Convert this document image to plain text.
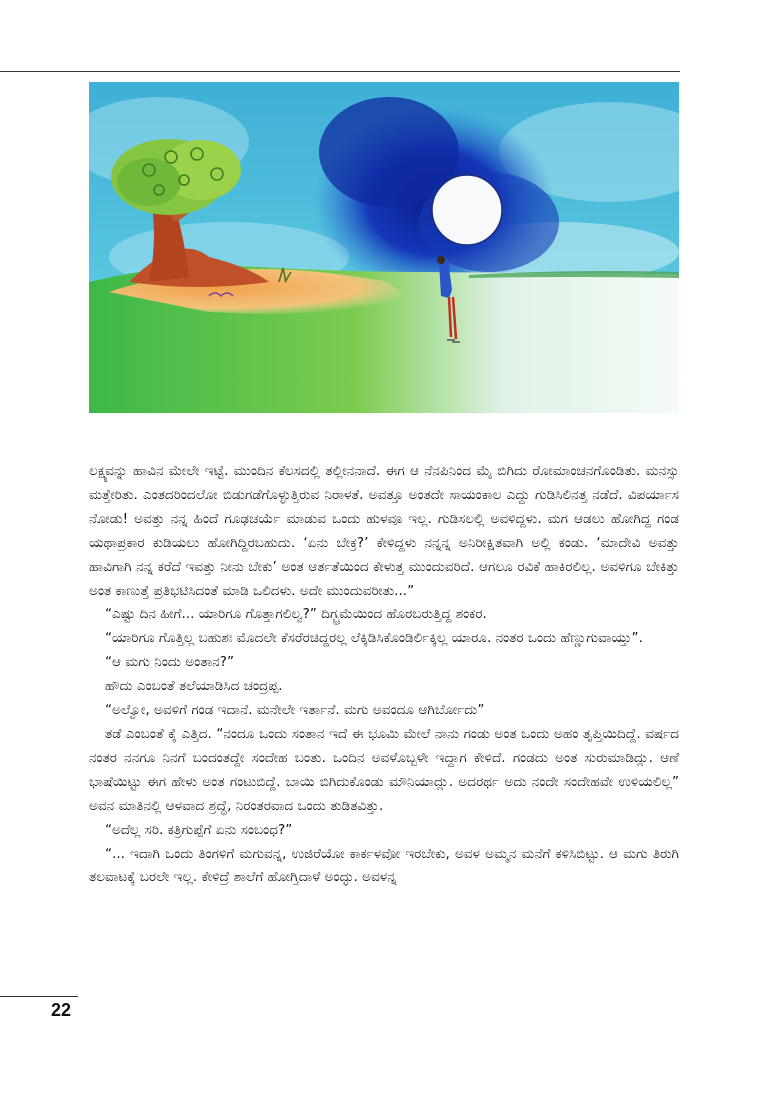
ಲಕ್ಷ್ಯವನ್ನು ಹಾವಿನ ಮೇಲೇ ಇಟ್ಟೆ. ಮುಂದಿನ ಕೆಲಸದಲ್ಲಿ ತಲ್ಲೀನನಾದೆ. ಈಗ ಆ ನೆನಪಿನಿಂದ ಮೈ ಬಿಗಿದು ರೋಮಾಂಚನಗೊಂಡಿತು. ಮನಸ್ಸು ಮತ್ತೇರಿತು. ಎಂತದರಿಂದಲೋ ಬಿಡುಗಡೆಗೊಳ್ಳುತ್ತಿರುವ ನಿರಾಳತೆ. ಅವತ್ತೂ ಅಂತದೇ ಸಾಯಂಕಾಲ ಎದ್ದು ಗುಡಿಸಿಲಿನತ್ತ ನಡೆದೆ. ವಿಪರ್ಯಾಸ ನೋಡು! ಅವತ್ತು ನನ್ನ ಹಿಂದೆ ಗೂಢಚರ್ಯೆ ಮಾಡುವ ಒಂದು ಹುಳವೂ ಇಲ್ಲ. ಗುಡಿಸಲಲ್ಲಿ ಅವಳಿದ್ದಳು. ಮಗ ಆಡಲು ಹೋಗಿದ್ದ ಗಂಡ ಯಥಾಪ್ರಕಾರ ಕುಡಿಯಲು ಹೋಗಿದ್ದಿರಬಹುದು. ‘ಏನು ಬೇಕ್ರ?’ ಕೇಳಿದ್ದಳು ನನ್ನನ್ನ ಅನಿರೀಕ್ಷಿತವಾಗಿ ಅಲ್ಲಿ ಕಂಡು. ‘ಮಾದೇವಿ ಅವತ್ತು ಹಾವಿಗಾಗಿ ನನ್ನ ಕರೆದೆ ಇವತ್ತು ನೀನು ಬೇಕು’ ಅಂತ ಆರ್ತತೆಯಿಂದ ಕೇಳುತ್ತ ಮುಂದುವರಿದೆ. ಆಗಲೂ ರವಿಕೆ ಹಾಕಿರಲಿಲ್ಲ. ಅವಳಿಗೂ ಬೇಕಿತ್ತು ಅಂತ ಕಾಣುತ್ತೆ ಪ್ರತಿಭಟಿಸಿದಂತೆ ಮಾಡಿ ಒಲಿದಳು. ಅದೇ ಮುಂದುವರೀತು...”

“ಎಷ್ಟು ದಿನ ಹೀಗೆ... ಯಾರಿಗೂ ಗೊತ್ತಾಗಲಿಲ್ವ?” ದಿಗ್ಭ್ರಮೆಯಿಂದ ಹೊರಬರುತ್ತಿದ್ದ ಶಂಕರ.

“ಯಾರಿಗೂ ಗೊತ್ತಿಲ್ಲ ಬಹುಶಃ ಮೊದಲೇ ಕೆಸರೆರಚಿದ್ದರಲ್ಲ ಲೆಕ್ಕಿಡಿಸಿಕೊಂಡಿರ್ಲಿಕ್ಕಿಲ್ಲ ಯಾರೂ. ನಂತರ ಒಂದು ಹೆಣ್ಣುಗುವಾಯ್ತು”.

“ಆ ಮಗು ನಿಂದು ಅಂತಾನ?”

ಹೌದು ಎಂಬಂತೆ ತಲೆಯಾಡಿಸಿದ ಚಂದ್ರಪ್ಪ.

“ಅಲ್ವೋ, ಅವಳಿಗೆ ಗಂಡ ಇದಾನೆ. ಮನೇಲೇ ಇರ್ತಾನೆ. ಮಗು ಅವಂದೂ ಆಗಿರ್ಬೋದು”

ತಡೆ ಎಂಬಂತೆ ಕೈ ಎತ್ತಿದ. “ನಂದೂ ಒಂದು ಸಂತಾನ ಇದೆ ಈ ಭೂಮಿ ಮೇಲೆ ನಾನು ಗಂಡು ಅಂತ ಒಂದು ಅಹಂ ತೃಪ್ತಿಯಿದಿದ್ದೆ. ವರ್ಷದ ನಂತರ ನನಗೂ ನಿನಗೆ ಬಂದಂತದ್ದೇ ಸಂದೇಹ ಬಂತು. ಒಂದಿನ ಅವಳೊಬ್ಬಳೇ ಇದ್ದಾಗ ಕೇಳಿದೆ. ಗಂಡದು ಅಂತ ಸುರುಮಾಡಿದ್ಲು. ಆಣೆ ಭಾಷೆಯಿಟ್ಟು ಈಗ ಹೇಳು ಅಂತ ಗಂಟುಬಿದ್ದೆ. ಬಾಯಿ ಬಿಗಿದುಕೊಂಡು ಮೌನಿಯಾದ್ಲು. ಅದರರ್ಥ ಅದು ನಂದೇ ಸಂದೇಹವೇ ಉಳಿಯಲಿಲ್ಲ” ಅವನ ಮಾತಿನಲ್ಲಿ ಆಳವಾದ ಶ್ರದ್ಧೆ, ನಿರಂತರವಾದ ಒಂದು ತುಡಿತವಿತ್ತು.

“ಅದೆಲ್ಲ ಸರಿ. ಕತ್ರಿಗುಪ್ಪೆಗೆ ಏನು ಸಂಬಂಧ?”

“... ಇದಾಗಿ ಒಂದು ತಿಂಗಳಿಗೆ ಮಗುವನ್ನ, ಉಜಿರೆಯೋ ಕಾರ್ಕಳವೋ ಇರಬೇಕು, ಅವಳ ಅಮ್ಮನ ಮನೆಗೆ ಕಳಿಸಿಬಿಟ್ಟು. ಆ ಮಗು ತಿರುಗಿ ತಲವಾಟಕ್ಕೆ ಬರಲೇ ಇಲ್ಲ. ಕೇಳಿದ್ರೆ ಶಾಲೆಗೆ ಹೋಗ್ತಿದಾಳೆ ಅಂದ್ಳು. ಅವಳನ್ನ

22
